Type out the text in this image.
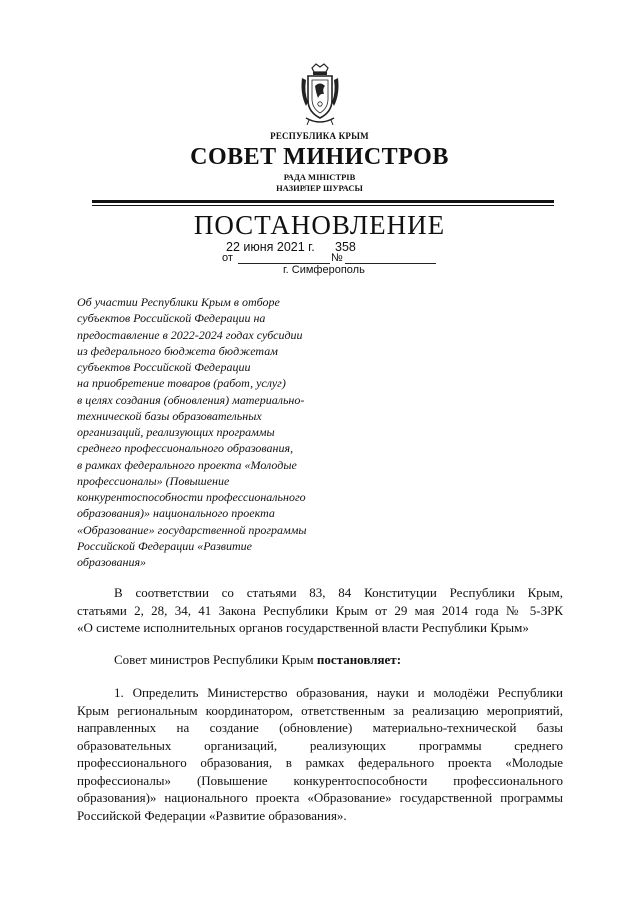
РЕСПУБЛИКА КРЫМ
СОВЕТ МИНИСТРОВ
РАДА МІНІСТРІВ
НАЗИРЛЕР ШУРАСЫ
ПОСТАНОВЛЕНИЕ
22 июня 2021 г. 358
от	№
г. Симферополь
Об участии Республики Крым в отборе
субъектов Российской Федерации на
предоставление в 2022-2024 годах субсидии
из федерального бюджета бюджетам
субъектов Российской Федерации
на приобретение товаров (работ, услуг)
в целях создания (обновления) материально-
технической базы образовательных
организаций, реализующих программы
среднего профессионального образования,
в рамках федерального проекта «Молодые
профессионалы» (Повышение
конкурентоспособности профессионального
образования)» национального проекта
«Образование» государственной программы
Российской Федерации «Развитие
образования»
В соответствии со статьями 83, 84 Конституции Республики Крым,
статьями 2, 28, 34, 41 Закона Республики Крым от 29 мая 2014 года № 5-ЗРК
«О системе исполнительных органов государственной власти Республики Крым»
Совет министров Республики Крым постановляет:
1. Определить Министерство образования, науки и молодёжи Республики
Крым региональным координатором, ответственным за реализацию мероприятий,
направленных на создание (обновление) материально-технической базы
образовательных организаций, реализующих программы среднего
профессионального образования, в рамках федерального проекта «Молодые
профессионалы» (Повышение конкурентоспособности профессионального
образования)» национального проекта «Образование» государственной программы
Российской Федерации «Развитие образования».
